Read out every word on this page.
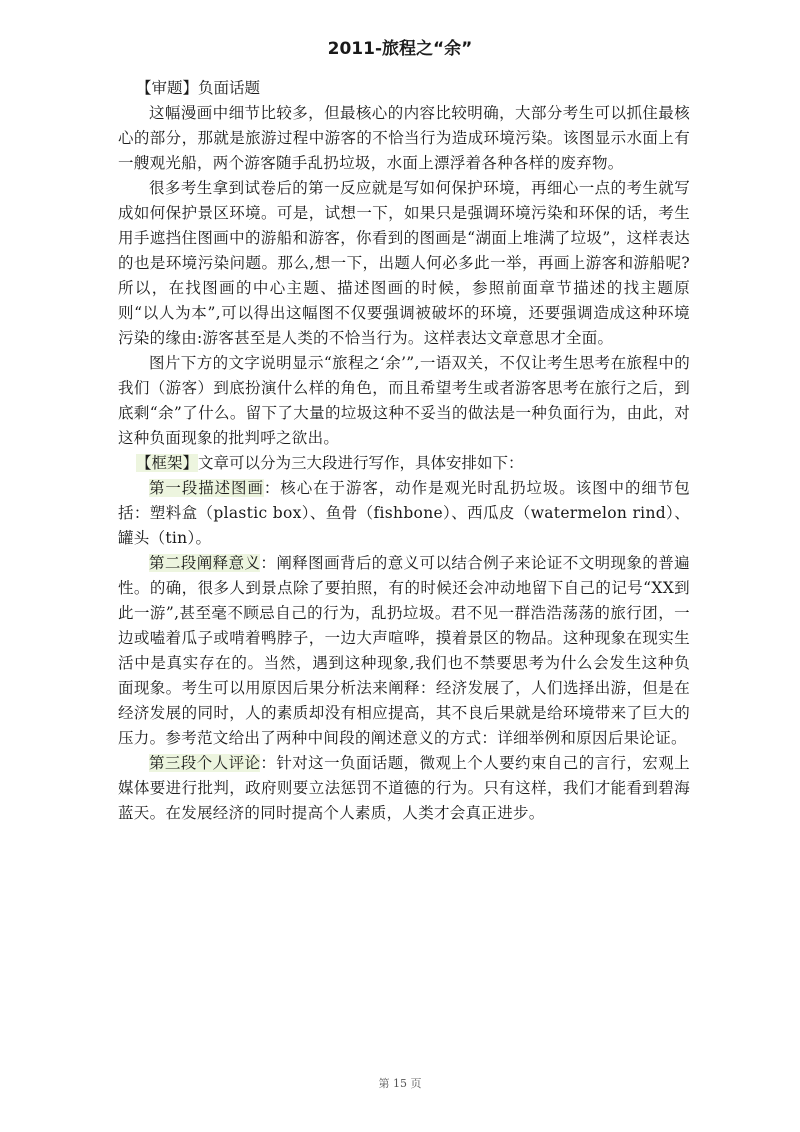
2011-旅程之“余”

【审题】负面话题

这幅漫画中细节比较多，但最核心的内容比较明确，大部分考生可以抓住最核心的部分，那就是旅游过程中游客的不恰当行为造成环境污染。该图显示水面上有一艘观光船，两个游客随手乱扔垃圾，水面上漂浮着各种各样的废弃物。

很多考生拿到试卷后的第一反应就是写如何保护环境，再细心一点的考生就写成如何保护景区环境。可是，试想一下，如果只是强调环境污染和环保的话，考生用手遮挡住图画中的游船和游客，你看到的图画是“湖面上堆满了垃圾”，这样表达的也是环境污染问题。那么,想一下，出题人何必多此一举，再画上游客和游船呢?所以，在找图画的中心主题、描述图画的时候，参照前面章节描述的找主题原则“以人为本”,可以得出这幅图不仅要强调被破坏的环境，还要强调造成这种环境污染的缘由:游客甚至是人类的不恰当行为。这样表达文章意思才全面。

图片下方的文字说明显示“旅程之‘余’”,一语双关，不仅让考生思考在旅程中的我们（游客）到底扮演什么样的角色，而且希望考生或者游客思考在旅行之后，到底剩“余”了什么。留下了大量的垃圾这种不妥当的做法是一种负面行为，由此，对这种负面现象的批判呼之欲出。

【框架】文章可以分为三大段进行写作，具体安排如下：

第一段描述图画：核心在于游客，动作是观光时乱扔垃圾。该图中的细节包括：塑料盒（plastic box）、鱼骨（fishbone）、西瓜皮（watermelon rind）、罐头（tin）。

第二段阐释意义：阐释图画背后的意义可以结合例子来论证不文明现象的普遍性。的确，很多人到景点除了要拍照，有的时候还会冲动地留下自己的记号“XX到此一游”,甚至毫不顾忌自己的行为，乱扔垃圾。君不见一群浩浩荡荡的旅行团，一边或嗑着瓜子或啃着鸭脖子，一边大声喧哗，摸着景区的物品。这种现象在现实生活中是真实存在的。当然，遇到这种现象,我们也不禁要思考为什么会发生这种负面现象。考生可以用原因后果分析法来阐释：经济发展了，人们选择出游，但是在经济发展的同时，人的素质却没有相应提高，其不良后果就是给环境带来了巨大的压力。参考范文给出了两种中间段的阐述意义的方式：详细举例和原因后果论证。

第三段个人评论：针对这一负面话题，微观上个人要约束自己的言行，宏观上媒体要进行批判，政府则要立法惩罚不道德的行为。只有这样，我们才能看到碧海蓝天。在发展经济的同时提高个人素质，人类才会真正进步。

第 15 页
